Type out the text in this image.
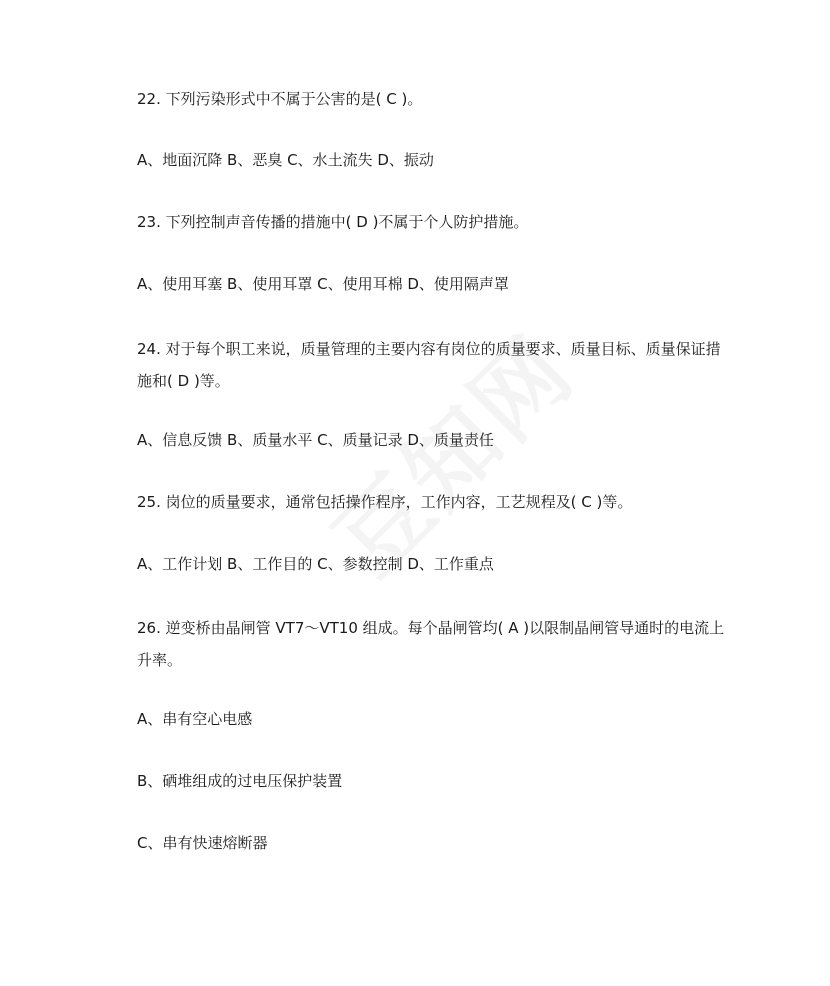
22. 下列污染形式中不属于公害的是( C )。
A、地面沉降 B、恶臭 C、水土流失 D、振动
23. 下列控制声音传播的措施中( D )不属于个人防护措施。
A、使用耳塞 B、使用耳罩 C、使用耳棉 D、使用隔声罩
24. 对于每个职工来说，质量管理的主要内容有岗位的质量要求、质量目标、质量保证措施和( D )等。
A、信息反馈 B、质量水平 C、质量记录 D、质量责任
25. 岗位的质量要求，通常包括操作程序，工作内容，工艺规程及( C )等。
A、工作计划 B、工作目的 C、参数控制 D、工作重点
26. 逆变桥由晶闸管 VT7～VT10 组成。每个晶闸管均( A )以限制晶闸管导通时的电流上升率。
A、串有空心电感
B、硒堆组成的过电压保护装置
C、串有快速熔断器
